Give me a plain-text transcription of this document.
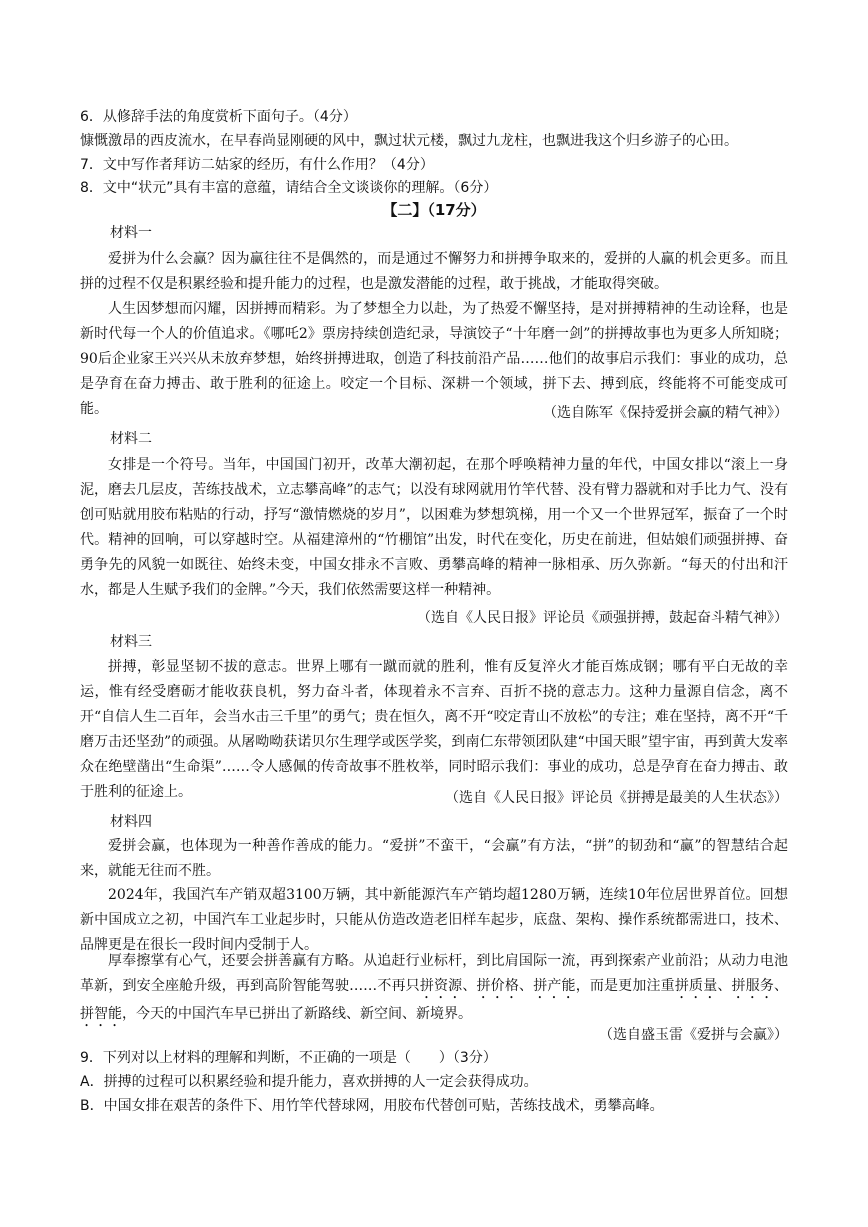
6．从修辞手法的角度赏析下面句子。（4分）
慷慨激昂的西皮流水，在早春尚显刚硬的风中，飘过状元楼，飘过九龙柱，也飘进我这个归乡游子的心田。
7．文中写作者拜访二姑家的经历，有什么作用？（4分）
8．文中“状元”具有丰富的意蕴，请结合全文谈谈你的理解。（6分）
【二】（17分）
材料一
爱拼为什么会赢？因为赢往往不是偶然的，而是通过不懈努力和拼搏争取来的，爱拼的人赢的机会更多。而且拼的过程不仅是积累经验和提升能力的过程，也是激发潜能的过程，敢于挑战，才能取得突破。
人生因梦想而闪耀，因拼搏而精彩。为了梦想全力以赴，为了热爱不懈坚持，是对拼搏精神的生动诠释，也是新时代每一个人的价值追求。《哪吒2》票房持续创造纪录，导演饺子“十年磨一剑”的拼搏故事也为更多人所知晓；90后企业家王兴兴从未放弃梦想，始终拼搏进取，创造了科技前沿产品……他们的故事启示我们：事业的成功，总是孕育在奋力搏击、敢于胜利的征途上。咬定一个目标、深耕一个领域，拼下去、搏到底，终能将不可能变成可能。	（选自陈军《保持爱拼会赢的精气神》）
材料二
女排是一个符号。当年，中国国门初开，改革大潮初起，在那个呼唤精神力量的年代，中国女排以“滚上一身泥，磨去几层皮，苦练技战术，立志攀高峰”的志气；以没有球网就用竹竿代替、没有臂力器就和对手比力气、没有创可贴就用胶布粘贴的行动，抒写“激情燃烧的岁月”，以困难为梦想筑梯，用一个又一个世界冠军，振奋了一个时代。精神的回响，可以穿越时空。从福建漳州的“竹棚馆”出发，时代在变化，历史在前进，但姑娘们顽强拼搏、奋勇争先的风貌一如既往、始终未变，中国女排永不言败、勇攀高峰的精神一脉相承、历久弥新。“每天的付出和汗水，都是人生赋予我们的金牌。”今天，我们依然需要这样一种精神。
（选自《人民日报》评论员《顽强拼搏，鼓起奋斗精气神》）
材料三
拼搏，彰显坚韧不拔的意志。世界上哪有一蹴而就的胜利，惟有反复淬火才能百炼成钢；哪有平白无故的幸运，惟有经受磨砺才能收获良机，努力奋斗者，体现着永不言弃、百折不挠的意志力。这种力量源自信念，离不开“自信人生二百年，会当水击三千里”的勇气；贵在恒久，离不开“咬定青山不放松”的专注；难在坚持，离不开“千磨万击还坚劲”的顽强。从屠呦呦获诺贝尔生理学或医学奖，到南仁东带领团队建“中国天眼”望宇宙，再到黄大发率众在绝壁凿出“生命渠”……令人感佩的传奇故事不胜枚举，同时昭示我们：事业的成功，总是孕育在奋力搏击、敢于胜利的征途上。	（选自《人民日报》评论员《拼搏是最美的人生状态》）
材料四
爱拼会赢，也体现为一种善作善成的能力。“爱拼”不蛮干，“会赢”有方法，“拼”的韧劲和“赢”的智慧结合起来，就能无往而不胜。
2024年，我国汽车产销双超3100万辆，其中新能源汽车产销均超1280万辆，连续10年位居世界首位。回想新中国成立之初，中国汽车工业起步时，只能从仿造改造老旧样车起步，底盘、架构、操作系统都需进口，技术、品牌更是在很长一段时间内受制于人。
厚奉擦掌有心气，还要会拼善赢有方略。从追赶行业标杆，到比肩国际一流，再到探索产业前沿；从动力电池革新，到安全座舱升级，再到高阶智能驾驶……不再只拼资源、拼价格、拼产能，而是更加注重拼质量、拼服务、拼智能，今天的中国汽车早已拼出了新路线、新空间、新境界。
（选自盛玉雷《爱拼与会赢》）
9．下列对以上材料的理解和判断，不正确的一项是（　　）（3分）
A．拼搏的过程可以积累经验和提升能力，喜欢拼搏的人一定会获得成功。
B．中国女排在艰苦的条件下、用竹竿代替球网，用胶布代替创可贴，苦练技战术，勇攀高峰。
